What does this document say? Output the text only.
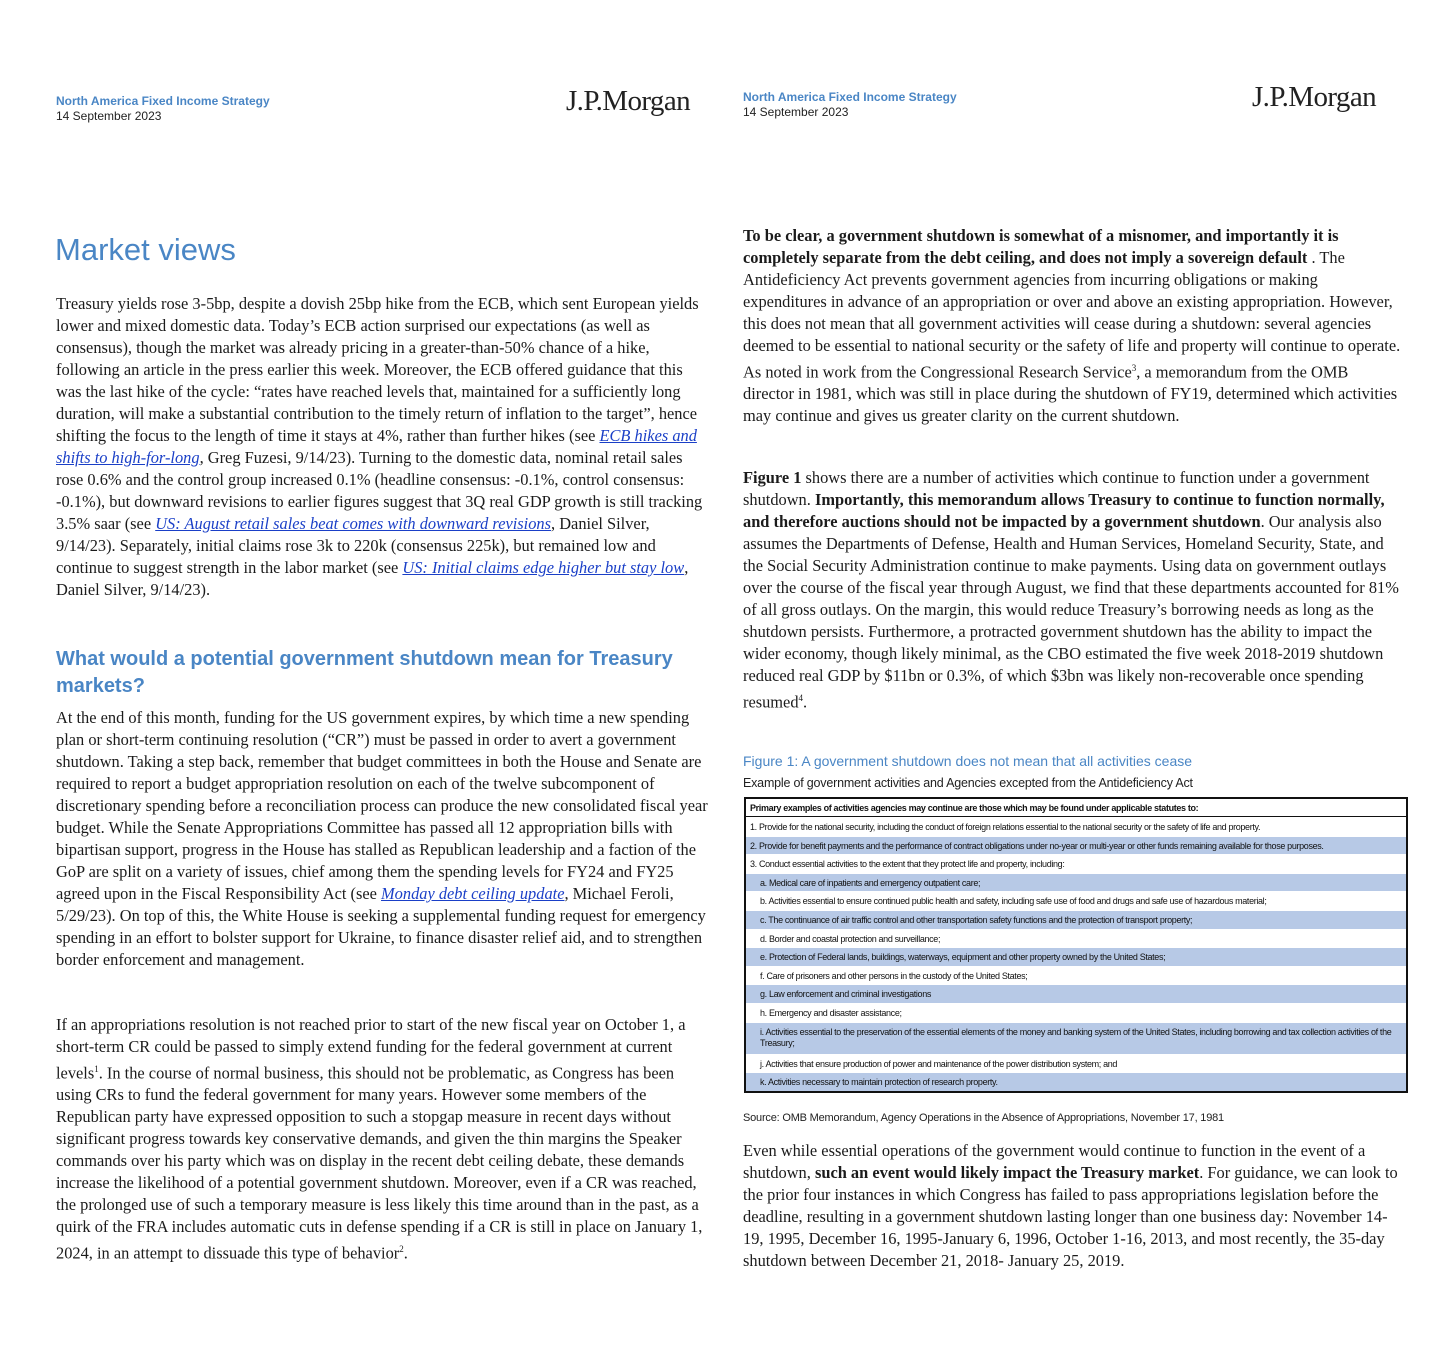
North America Fixed Income Strategy
14 September 2023	J.P.Morgan
Market views

Treasury yields rose 3-5bp, despite a dovish 25bp hike from the ECB, which sent European yields lower and mixed domestic data. Today’s ECB action surprised our expectations (as well as consensus), though the market was already pricing in a greater-than-50% chance of a hike, following an article in the press earlier this week. Moreover, the ECB offered guidance that this was the last hike of the cycle: “rates have reached levels that, maintained for a sufficiently long duration, will make a substantial contribution to the timely return of inflation to the target”, hence shifting the focus to the length of time it stays at 4%, rather than further hikes (see ECB hikes and shifts to high-for-long, Greg Fuzesi, 9/14/23). Turning to the domestic data, nominal retail sales rose 0.6% and the control group increased 0.1% (headline consensus: -0.1%, control consensus: -0.1%), but downward revisions to earlier figures suggest that 3Q real GDP growth is still tracking 3.5% saar (see US: August retail sales beat comes with downward revisions, Daniel Silver, 9/14/23). Separately, initial claims rose 3k to 220k (consensus 225k), but remained low and continue to suggest strength in the labor market (see US: Initial claims edge higher but stay low, Daniel Silver, 9/14/23).

What would a potential government shutdown mean for Treasury markets?

At the end of this month, funding for the US government expires, by which time a new spending plan or short-term continuing resolution (“CR”) must be passed in order to avert a government shutdown. Taking a step back, remember that budget committees in both the House and Senate are required to report a budget appropriation resolution on each of the twelve subcomponent of discretionary spending before a reconciliation process can produce the new consolidated fiscal year budget. While the Senate Appropriations Committee has passed all 12 appropriation bills with bipartisan support, progress in the House has stalled as Republican leadership and a faction of the GoP are split on a variety of issues, chief among them the spending levels for FY24 and FY25 agreed upon in the Fiscal Responsibility Act (see Monday debt ceiling update, Michael Feroli, 5/29/23). On top of this, the White House is seeking a supplemental funding request for emergency spending in an effort to bolster support for Ukraine, to finance disaster relief aid, and to strengthen border enforcement and management.

If an appropriations resolution is not reached prior to start of the new fiscal year on October 1, a short-term CR could be passed to simply extend funding for the federal government at current levels$^1$. In the course of normal business, this should not be problematic, as Congress has been using CRs to fund the federal government for many years. However some members of the Republican party have expressed opposition to such a stopgap measure in recent days without significant progress towards key conservative demands, and given the thin margins the Speaker commands over his party which was on display in the recent debt ceiling debate, these demands increase the likelihood of a potential government shutdown. Moreover, even if a CR was reached, the prolonged use of such a temporary measure is less likely this time around than in the past, as a quirk of the FRA includes automatic cuts in defense spending if a CR is still in place on January 1, 2024, in an attempt to dissuade this type of behavior$^2$.

North America Fixed Income Strategy
14 September 2023	J.P.Morgan

To be clear, a government shutdown is somewhat of a misnomer, and importantly it is completely separate from the debt ceiling, and does not imply a sovereign default . The Antideficiency Act prevents government agencies from incurring obligations or making expenditures in advance of an appropriation or over and above an existing appropriation. However, this does not mean that all government activities will cease during a shutdown: several agencies deemed to be essential to national security or the safety of life and property will continue to operate. As noted in work from the Congressional Research Service$^3$, a memorandum from the OMB director in 1981, which was still in place during the shutdown of FY19, determined which activities may continue and gives us greater clarity on the current shutdown.

Figure 1 shows there are a number of activities which continue to function under a government shutdown. Importantly, this memorandum allows Treasury to continue to function normally, and therefore auctions should not be impacted by a government shutdown. Our analysis also assumes the Departments of Defense, Health and Human Services, Homeland Security, State, and the Social Security Administration continue to make payments. Using data on government outlays over the course of the fiscal year through August, we find that these departments accounted for 81% of all gross outlays. On the margin, this would reduce Treasury’s borrowing needs as long as the shutdown persists. Furthermore, a protracted government shutdown has the ability to impact the wider economy, though likely minimal, as the CBO estimated the five week 2018-2019 shutdown reduced real GDP by $11bn or 0.3%, of which $3bn was likely non-recoverable once spending resumed$^4$.

Figure 1: A government shutdown does not mean that all activities cease

Example of government activities and Agencies excepted from the Antideficiency Act

Primary examples of activities agencies may continue are those which may be found under applicable statutes to:
1. Provide for the national security, including the conduct of foreign relations essential to the national security or the safety of life and property.
2. Provide for benefit payments and the performance of contract obligations under no-year or multi-year or other funds remaining available for those purposes.
3. Conduct essential activities to the extent that they protect life and property, including:
a. Medical care of inpatients and emergency outpatient care;
b. Activities essential to ensure continued public health and safety, including safe use of food and drugs and safe use of hazardous material;
c. The continuance of air traffic control and other transportation safety functions and the protection of transport property;
d. Border and coastal protection and surveillance;
e. Protection of Federal lands, buildings, waterways, equipment and other property owned by the United States;
f. Care of prisoners and other persons in the custody of the United States;
g. Law enforcement and criminal investigations
h. Emergency and disaster assistance;
i. Activities essential to the preservation of the essential elements of the money and banking system of the United States, including borrowing and tax collection activities of the Treasury;
j. Activities that ensure production of power and maintenance of the power distribution system; and
k. Activities necessary to maintain protection of research property.

Source: OMB Memorandum, Agency Operations in the Absence of Appropriations, November 17, 1981

Even while essential operations of the government would continue to function in the event of a shutdown, such an event would likely impact the Treasury market. For guidance, we can look to the prior four instances in which Congress has failed to pass appropriations legislation before the deadline, resulting in a government shutdown lasting longer than one business day: November 14-19, 1995, December 16, 1995-January 6, 1996, October 1-16, 2013, and most recently, the 35-day shutdown between December 21, 2018- January 25, 2019.
